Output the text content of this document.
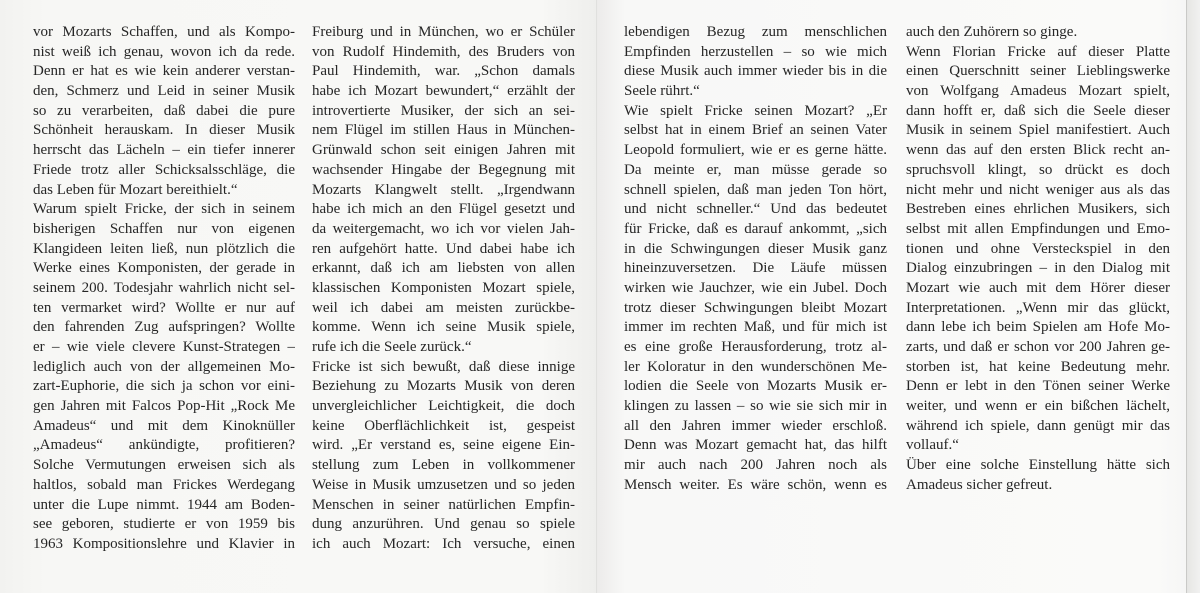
vor Mozarts Schaffen, und als Kompo-
nist weiß ich genau, wovon ich da rede.
Denn er hat es wie kein anderer verstan-
den, Schmerz und Leid in seiner Musik
so zu verarbeiten, daß dabei die pure
Schönheit herauskam. In dieser Musik
herrscht das Lächeln – ein tiefer innerer
Friede trotz aller Schicksalsschläge, die
das Leben für Mozart bereithielt.“
Warum spielt Fricke, der sich in seinem
bisherigen Schaffen nur von eigenen
Klangideen leiten ließ, nun plötzlich die
Werke eines Komponisten, der gerade in
seinem 200. Todesjahr wahrlich nicht sel-
ten vermarket wird? Wollte er nur auf
den fahrenden Zug aufspringen? Wollte
er – wie viele clevere Kunst-Strategen –
lediglich auch von der allgemeinen Mo-
zart-Euphorie, die sich ja schon vor eini-
gen Jahren mit Falcos Pop-Hit „Rock Me
Amadeus“ und mit dem Kinoknüller
„Amadeus“ ankündigte, profitieren?
Solche Vermutungen erweisen sich als
haltlos, sobald man Frickes Werdegang
unter die Lupe nimmt. 1944 am Boden-
see geboren, studierte er von 1959 bis
1963 Kompositionslehre und Klavier in
Freiburg und in München, wo er Schüler
von Rudolf Hindemith, des Bruders von
Paul Hindemith, war. „Schon damals
habe ich Mozart bewundert,“ erzählt der
introvertierte Musiker, der sich an sei-
nem Flügel im stillen Haus in München-
Grünwald schon seit einigen Jahren mit
wachsender Hingabe der Begegnung mit
Mozarts Klangwelt stellt. „Irgendwann
habe ich mich an den Flügel gesetzt und
da weitergemacht, wo ich vor vielen Jah-
ren aufgehört hatte. Und dabei habe ich
erkannt, daß ich am liebsten von allen
klassischen Komponisten Mozart spiele,
weil ich dabei am meisten zurückbe-
komme. Wenn ich seine Musik spiele,
rufe ich die Seele zurück.“
Fricke ist sich bewußt, daß diese innige
Beziehung zu Mozarts Musik von deren
unvergleichlicher Leichtigkeit, die doch
keine Oberflächlichkeit ist, gespeist
wird. „Er verstand es, seine eigene Ein-
stellung zum Leben in vollkommener
Weise in Musik umzusetzen und so jeden
Menschen in seiner natürlichen Empfin-
dung anzurühren. Und genau so spiele
ich auch Mozart: Ich versuche, einen
lebendigen Bezug zum menschlichen
Empfinden herzustellen – so wie mich
diese Musik auch immer wieder bis in die
Seele rührt.“
Wie spielt Fricke seinen Mozart? „Er
selbst hat in einem Brief an seinen Vater
Leopold formuliert, wie er es gerne hätte.
Da meinte er, man müsse gerade so
schnell spielen, daß man jeden Ton hört,
und nicht schneller.“ Und das bedeutet
für Fricke, daß es darauf ankommt, „sich
in die Schwingungen dieser Musik ganz
hineinzuversetzen. Die Läufe müssen
wirken wie Jauchzer, wie ein Jubel. Doch
trotz dieser Schwingungen bleibt Mozart
immer im rechten Maß, und für mich ist
es eine große Herausforderung, trotz al-
ler Koloratur in den wunderschönen Me-
lodien die Seele von Mozarts Musik er-
klingen zu lassen – so wie sie sich mir in
all den Jahren immer wieder erschloß.
Denn was Mozart gemacht hat, das hilft
mir auch nach 200 Jahren noch als
Mensch weiter. Es wäre schön, wenn es
auch den Zuhörern so ginge.
Wenn Florian Fricke auf dieser Platte
einen Querschnitt seiner Lieblingswerke
von Wolfgang Amadeus Mozart spielt,
dann hofft er, daß sich die Seele dieser
Musik in seinem Spiel manifestiert. Auch
wenn das auf den ersten Blick recht an-
spruchsvoll klingt, so drückt es doch
nicht mehr und nicht weniger aus als das
Bestreben eines ehrlichen Musikers, sich
selbst mit allen Empfindungen und Emo-
tionen und ohne Versteckspiel in den
Dialog einzubringen – in den Dialog mit
Mozart wie auch mit dem Hörer dieser
Interpretationen. „Wenn mir das glückt,
dann lebe ich beim Spielen am Hofe Mo-
zarts, und daß er schon vor 200 Jahren ge-
storben ist, hat keine Bedeutung mehr.
Denn er lebt in den Tönen seiner Werke
weiter, und wenn er ein bißchen lächelt,
während ich spiele, dann genügt mir das
vollauf.“
Über eine solche Einstellung hätte sich
Amadeus sicher gefreut.
